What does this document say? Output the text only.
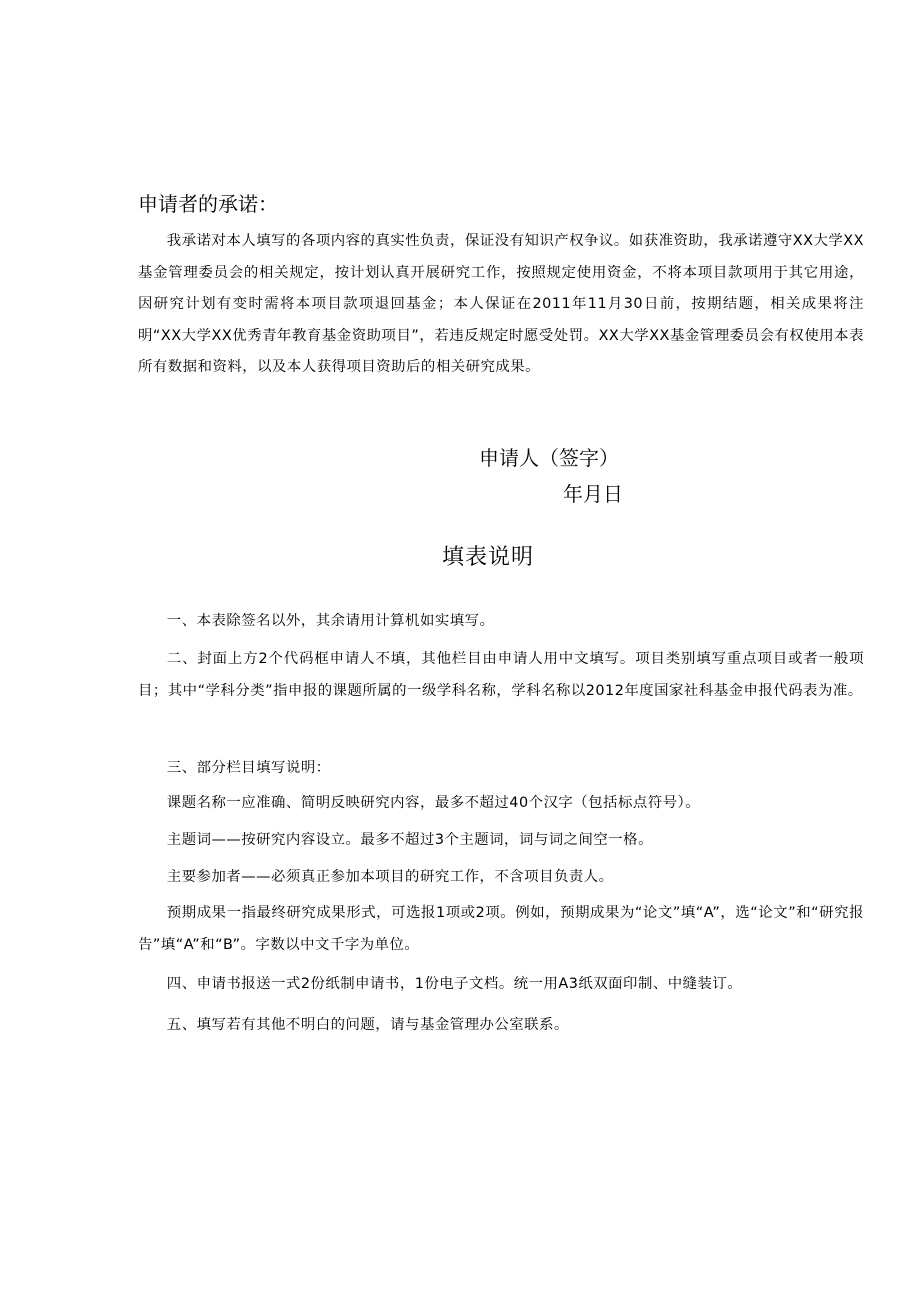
申请者的承诺：
我承诺对本人填写的各项内容的真实性负责，保证没有知识产权争议。如获准资助，我承诺遵守XX大学XX基金管理委员会的相关规定，按计划认真开展研究工作，按照规定使用资金，不将本项目款项用于其它用途，因研究计划有变时需将本项目款项退回基金；本人保证在2011年11月30日前，按期结题，相关成果将注明“XX大学XX优秀青年教育基金资助项目”，若违反规定时愿受处罚。XX大学XX基金管理委员会有权使用本表所有数据和资料，以及本人获得项目资助后的相关研究成果。
申请人（签字）
年月日
填表说明
一、本表除签名以外，其余请用计算机如实填写。
二、封面上方2个代码框申请人不填，其他栏目由申请人用中文填写。项目类别填写重点项目或者一般项目；其中“学科分类”指申报的课题所属的一级学科名称，学科名称以2012年度国家社科基金申报代码表为准。
三、部分栏目填写说明：
课题名称一应准确、简明反映研究内容，最多不超过40个汉字（包括标点符号）。
主题词——按研究内容设立。最多不超过3个主题词，词与词之间空一格。
主要参加者——必须真正参加本项目的研究工作，不含项目负责人。
预期成果一指最终研究成果形式，可选报1项或2项。例如，预期成果为“论文”填“A”，选“论文”和“研究报告”填“A”和“B”。字数以中文千字为单位。
四、申请书报送一式2份纸制申请书，1份电子文档。统一用A3纸双面印制、中缝装订。
五、填写若有其他不明白的问题，请与基金管理办公室联系。
